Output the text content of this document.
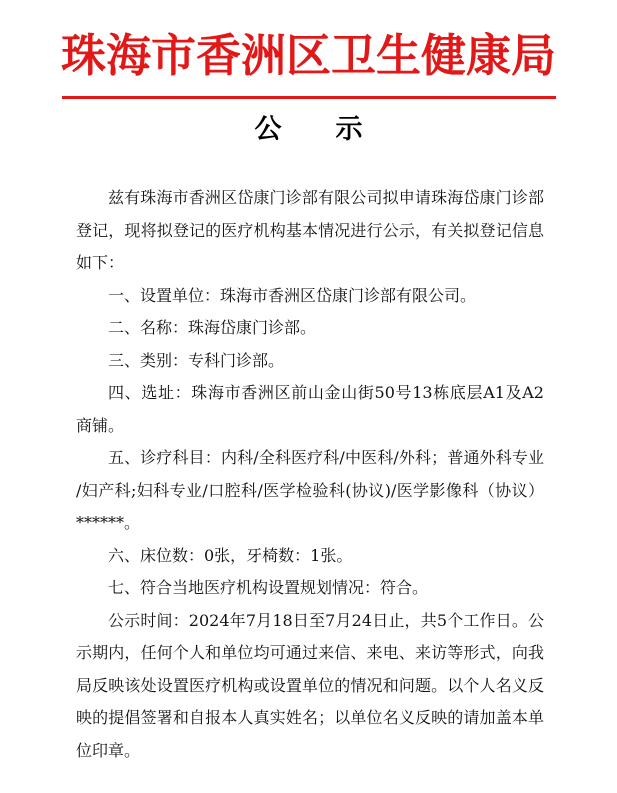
珠海市香洲区卫生健康局
公　　示

兹有珠海市香洲区岱康门诊部有限公司拟申请珠海岱康门诊部登记，现将拟登记的医疗机构基本情况进行公示，有关拟登记信息如下：

一、设置单位：珠海市香洲区岱康门诊部有限公司。

二、名称：珠海岱康门诊部。

三、类别：专科门诊部。

四、选址：珠海市香洲区前山金山街50号13栋底层A1及A2商铺。

五、诊疗科目：内科/全科医疗科/中医科/外科；普通外科专业 /妇产科;妇科专业/口腔科/医学检验科(协议)/医学影像科（协议）******。

六、床位数：0张，牙椅数：1张。

七、符合当地医疗机构设置规划情况：符合。

公示时间：2024年7月18日至7月24日止，共5个工作日。公示期内，任何个人和单位均可通过来信、来电、来访等形式，向我局反映该处设置医疗机构或设置单位的情况和问题。以个人名义反映的提倡签署和自报本人真实姓名；以单位名义反映的请加盖本单位印章。
